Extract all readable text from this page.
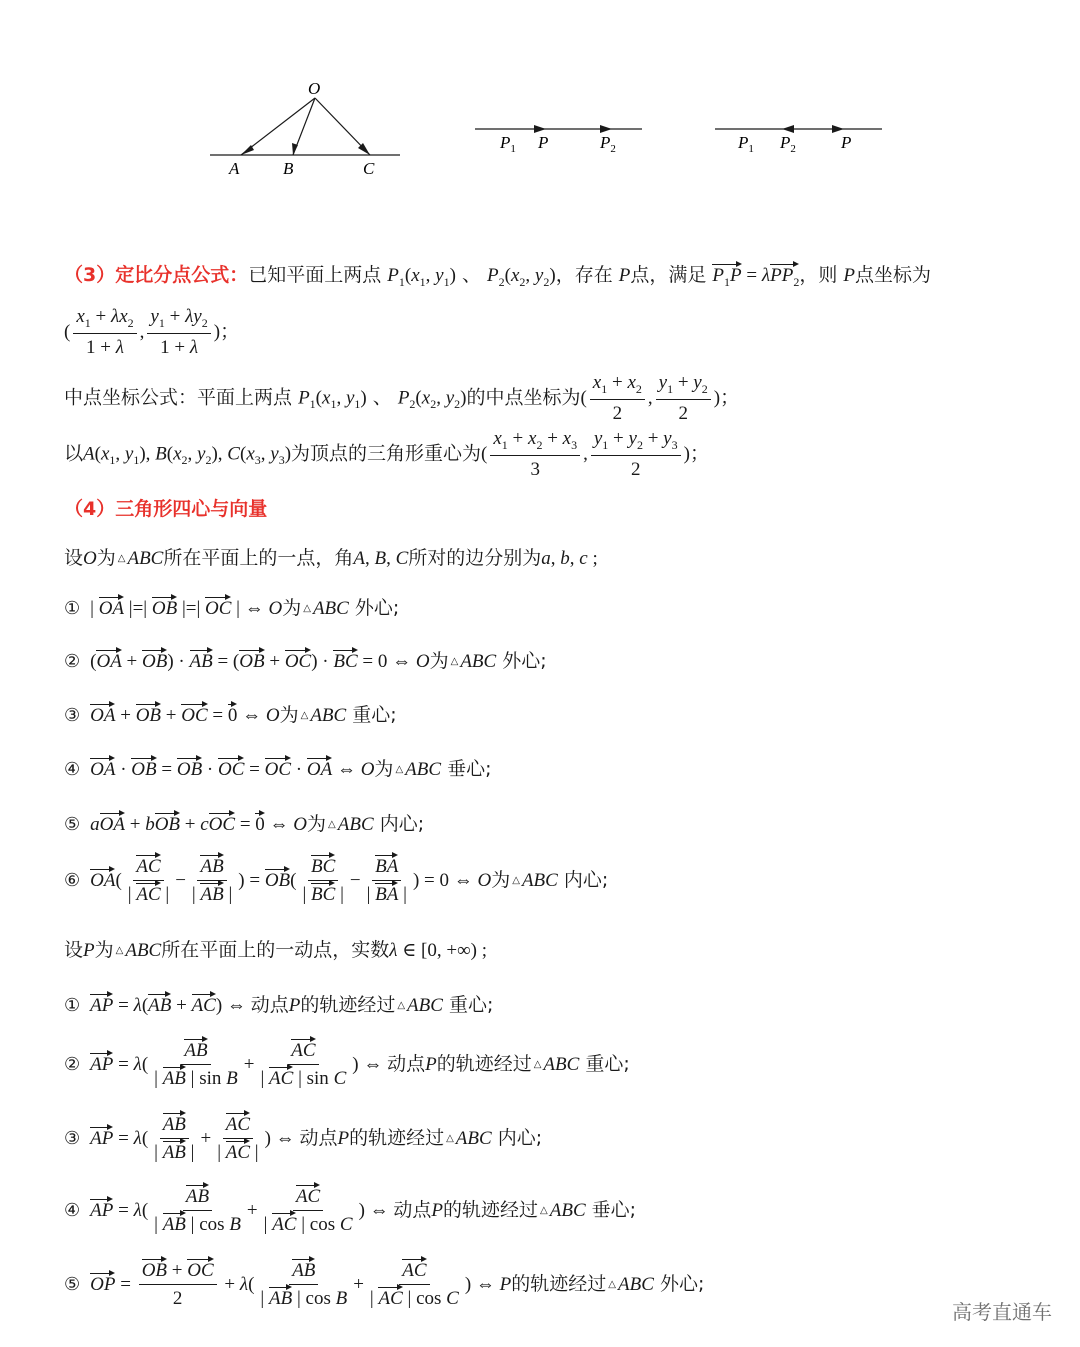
O
A	B	C
$P_1$ P	$P_2$	$P_1$ $P_2$	P
（3）定比分点公式：已知平面上两点 $P_1(x_1$, $y_1$) 、 $P_2(x_2$, $y_2$)，存在 P点，满足 $P_1P = \lambda PP_2$，则 P点坐标为
( $\frac{x_1 + \lambda x_2}{1 + \lambda}$ , $\frac{y_1 + \lambda y_2}{1 + \lambda}$ )；
中点坐标公式：平面上两点 $P_1(x_1$, $y_1$) 、 $P_2(x_2$, $y_2$)的中点坐标为( $\frac{x_1 + x_2}{2}$ , $\frac{y_1 + y_2}{2}$ )；
以$A(x_1$, $y_1$), $B(x_2$, $y_2$), $C(x_3$, $y_3$)为顶点的三角形重心为( $\frac{x_1 + x_2 + x_3}{3}$ , $\frac{y_1 + y_2 + y_3}{2}$ )；
（4）三角形四心与向量
设O为 △ ABC所在平面上的一点，角A, B, C所对的边分别为a, b, c ;
① | OA |=| OB |=| OC | ⇔ O为 △ ABC 外心;
② (OA + OB) · AB = (OB + OC) · BC = 0 ⇔ O为 △ ABC 外心;
③ OA + OB + OC = 0 ⇔ O为 △ ABC 重心;
④ OA · OB = OB · OC = OC · OA ⇔ O为 △ ABC 垂心;
⑤ aOA + bOB + cOC = 0 ⇔ O为 △ ABC 内心;
⑥ $OA( \frac{AC}{| AC |} - \frac{AB}{| AB |}$ ) = $OB( \frac{BC}{| BC |} - \frac{BA}{| BA |}$ ) = 0 ⇔ O为 △ ABC 内心;
设P为 △ ABC所在平面上的一动点，实数λ ∈ [0, +∞) ;
① AP = λ(AB + AC) ⇔ 动点P的轨迹经过 △ ABC 重心;
② AP = $\lambda( \frac{AB}{\text{| AB | sin B}} + \frac{AC}{\text{| AC | sin C}}$ ) ⇔ 动点P的轨迹经过 △ ABC 重心;
③ AP = $\lambda( \frac{AB}{| AB |} + \frac{AC}{| AC |}$ ) ⇔ 动点P的轨迹经过 △ ABC 内心;
④ AP = $\lambda( \frac{AB}{\text{| AB | cos B}} + \frac{AC}{\text{| AC | cos C}}$ ) ⇔ 动点P的轨迹经过 △ ABC 垂心;
⑤ OP = $\frac{OB + OC}{2} + \lambda( \frac{AB}{\text{| AB | cos B}} + \frac{AC}{\text{| AC | cos C}}$ ) ⇔ P的轨迹经过 △ ABC 外心;
高考直通车
